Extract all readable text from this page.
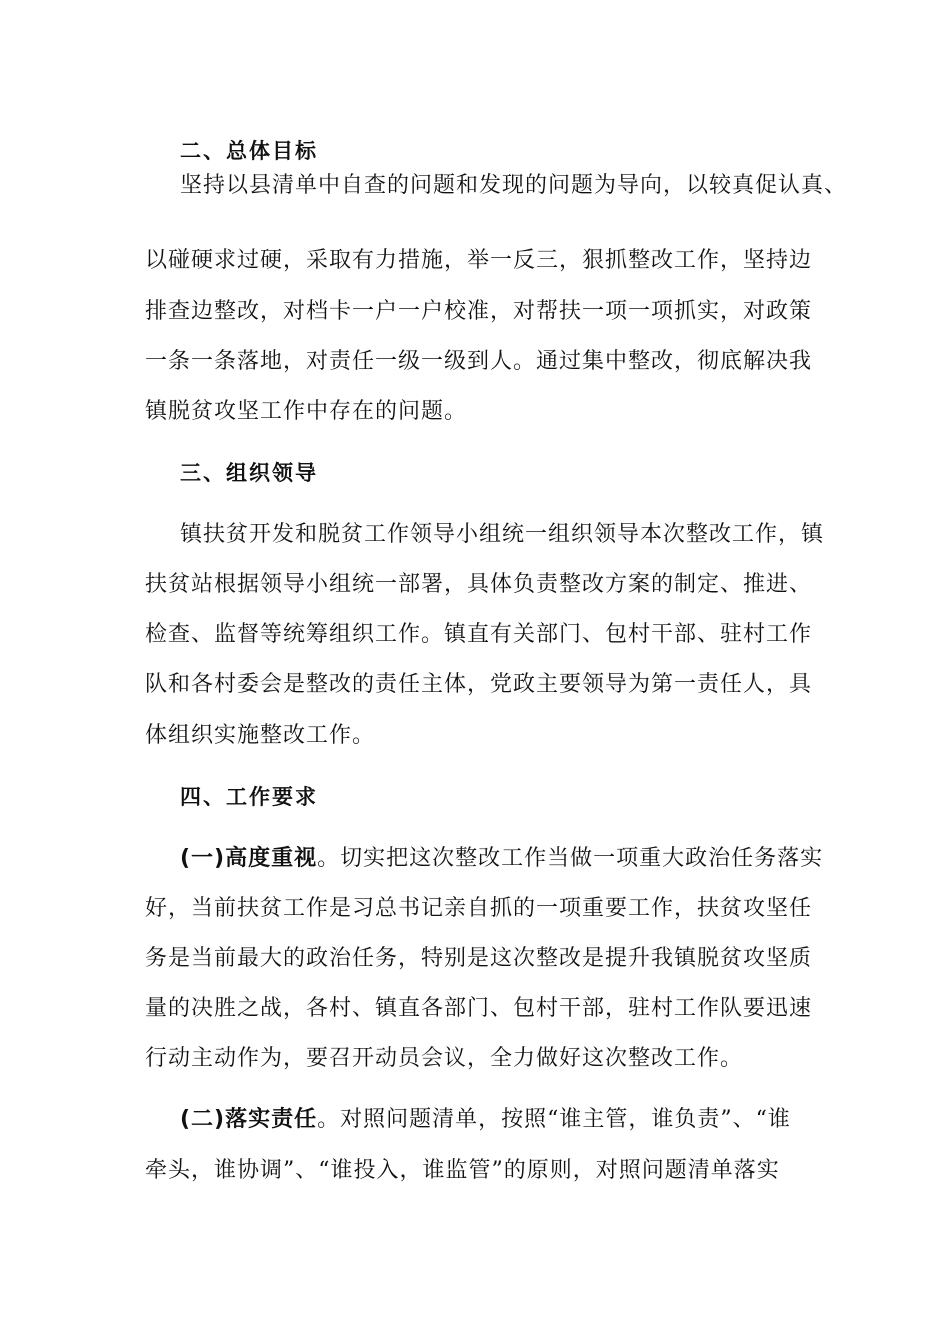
二、总体目标
坚持以县清单中自查的问题和发现的问题为导向，以较真促认真、
以碰硬求过硬，采取有力措施，举一反三，狠抓整改工作，坚持边
排查边整改，对档卡一户一户校准，对帮扶一项一项抓实，对政策
一条一条落地，对责任一级一级到人。通过集中整改，彻底解决我
镇脱贫攻坚工作中存在的问题。
三、组织领导
镇扶贫开发和脱贫工作领导小组统一组织领导本次整改工作，镇
扶贫站根据领导小组统一部署，具体负责整改方案的制定、推进、
检查、监督等统筹组织工作。镇直有关部门、包村干部、驻村工作
队和各村委会是整改的责任主体，党政主要领导为第一责任人，具
体组织实施整改工作。
四、工作要求
(一)高度重视。切实把这次整改工作当做一项重大政治任务落实
好，当前扶贫工作是习总书记亲自抓的一项重要工作，扶贫攻坚任
务是当前最大的政治任务，特别是这次整改是提升我镇脱贫攻坚质
量的决胜之战，各村、镇直各部门、包村干部，驻村工作队要迅速
行动主动作为，要召开动员会议，全力做好这次整改工作。
(二)落实责任。对照问题清单，按照“谁主管，谁负责”、“谁
牵头，谁协调”、“谁投入，谁监管”的原则，对照问题清单落实
